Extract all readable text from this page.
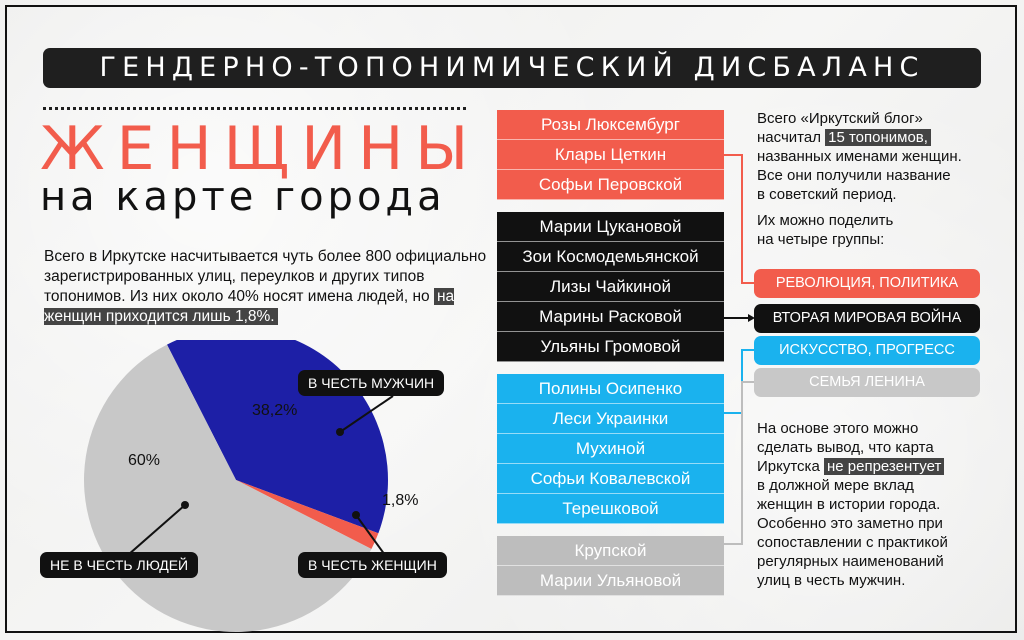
ГЕНДЕРНО-ТОПОНИМИЧЕСКИЙ ДИСБАЛАНС
ЖЕНЩИНЫ
на карте города
Всего в Иркутске насчитывается чуть более 800 официально зарегистрированных улиц, переулков и других типов топонимов. Из них около 40% носят имена людей, но на женщин приходится лишь 1,8%.
В ЧЕСТЬ МУЖЧИН
В ЧЕСТЬ ЖЕНЩИН
НЕ В ЧЕСТЬ ЛЮДЕЙ
38,2%
1,8%
60%
Розы Люксембург
Клары Цеткин
Софьи Перовской
Марии Цукановой
Зои Космодемьянской
Лизы Чайкиной
Марины Расковой
Ульяны Громовой
Полины Осипенко
Леси Украинки
Мухиной
Софьи Ковалевской
Терешковой
Крупской
Марии Ульяновой
Всего «Иркутский блог»
насчитал 15 топонимов,
названных именами женщин.
Все они получили название
в советский период.
Их можно поделить
на четыре группы:
РЕВОЛЮЦИЯ, ПОЛИТИКА
ВТОРАЯ МИРОВАЯ ВОЙНА
ИСКУССТВО, ПРОГРЕСС
СЕМЬЯ ЛЕНИНА
На основе этого можно
сделать вывод, что карта
Иркутска не репрезентует
в должной мере вклад
женщин в истории города.
Особенно это заметно при
сопоставлении с практикой
регулярных наименований
улиц в честь мужчин.
